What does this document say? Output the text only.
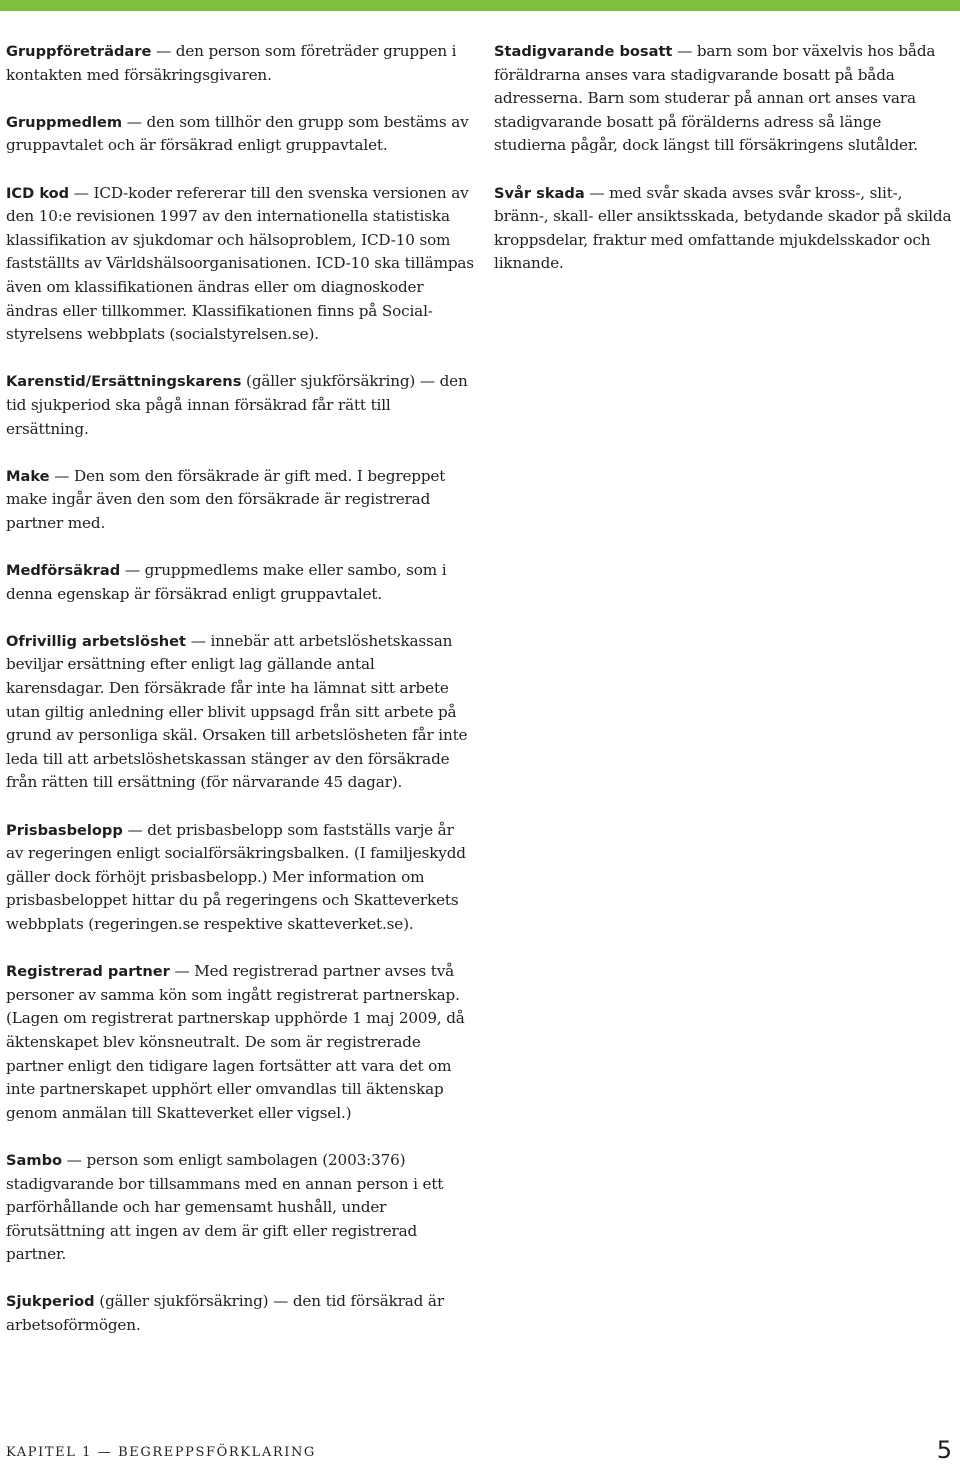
Gruppföreträdare — den person som företräder gruppen i kontakten med försäkringsgivaren.

Gruppmedlem — den som tillhör den grupp som bestäms av gruppavtalet och är försäkrad enligt gruppavtalet.

ICD kod — ICD-koder refererar till den svenska versionen av den 10:e revisionen 1997 av den internationella statistiska klassifikation av sjukdomar och hälsoproblem, ICD-10 som fastställts av Världshälsoorganisationen. ICD-10 ska tillämpas även om klassifikationen ändras eller om diagnoskoder ändras eller tillkommer. Klassifikationen finns på Social-styrelsens webbplats (socialstyrelsen.se).

Karenstid/Ersättningskarens (gäller sjukförsäkring) — den tid sjukperiod ska pågå innan försäkrad får rätt till ersättning.

Make — Den som den försäkrade är gift med. I begreppet make ingår även den som den försäkrade är registrerad partner med.

Medförsäkrad — gruppmedlems make eller sambo, som i denna egenskap är försäkrad enligt gruppavtalet.

Ofrivillig arbetslöshet — innebär att arbetslöshetskassan beviljar ersättning efter enligt lag gällande antal karensdagar. Den försäkrade får inte ha lämnat sitt arbete utan giltig anledning eller blivit uppsagd från sitt arbete på grund av personliga skäl. Orsaken till arbetslösheten får inte leda till att arbetslöshetskassan stänger av den försäkrade från rätten till ersättning (för närvarande 45 dagar).

Prisbasbelopp — det prisbasbelopp som fastställs varje år av regeringen enligt socialförsäkringsbalken. (I familjeskydd gäller dock förhöjt prisbasbelopp.) Mer information om prisbasbeloppet hittar du på regeringens och Skatteverkets webbplats (regeringen.se respektive skatteverket.se).

Registrerad partner — Med registrerad partner avses två personer av samma kön som ingått registrerat partnerskap. (Lagen om registrerat partnerskap upphörde 1 maj 2009, då äktenskapet blev könsneutralt. De som är registrerade partner enligt den tidigare lagen fortsätter att vara det om inte partnerskapet upphört eller omvandlas till äktenskap genom anmälan till Skatteverket eller vigsel.)

Sambo — person som enligt sambolagen (2003:376) stadigvarande bor tillsammans med en annan person i ett parförhållande och har gemensamt hushåll, under förutsättning att ingen av dem är gift eller registrerad partner.

Sjukperiod (gäller sjukförsäkring) — den tid försäkrad är arbetsoförmögen.

Stadigvarande bosatt — barn som bor växelvis hos båda föräldrarna anses vara stadigvarande bosatt på båda adresserna. Barn som studerar på annan ort anses vara stadigvarande bosatt på förälderns adress så länge studierna pågår, dock längst till försäkringens slutålder.

Svår skada — med svår skada avses svår kross-, slit-, bränn-, skall- eller ansiktsskada, betydande skador på skilda kroppsdelar, fraktur med omfattande mjukdelsskador och liknande.

KAPITEL 1 — BEGREPPSFÖRKLARING	5
